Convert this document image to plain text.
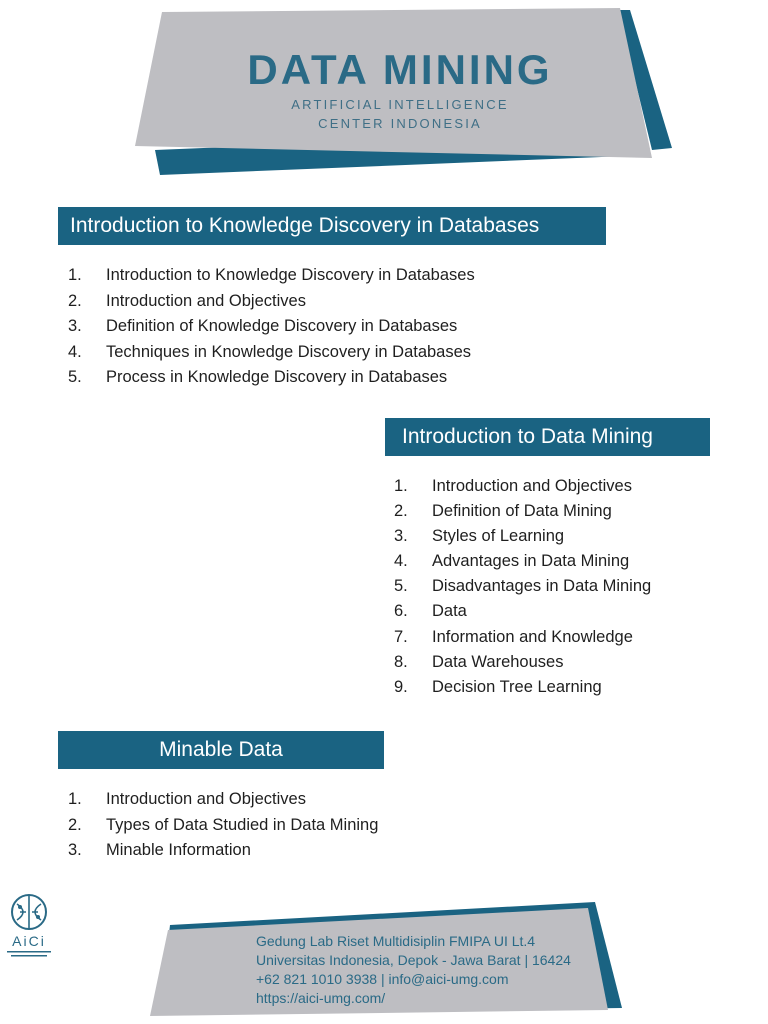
DATA MINING
ARTIFICIAL INTELLIGENCE
CENTER INDONESIA
Introduction to Knowledge Discovery in Databases
1. Introduction to Knowledge Discovery in Databases
2. Introduction and Objectives
3. Definition of Knowledge Discovery in Databases
4. Techniques in Knowledge Discovery in Databases
5. Process in Knowledge Discovery in Databases
Introduction to Data Mining
1. Introduction and Objectives
2. Definition of Data Mining
3. Styles of Learning
4. Advantages in Data Mining
5. Disadvantages in Data Mining
6. Data
7. Information and Knowledge
8. Data Warehouses
9. Decision Tree Learning
Minable Data
1. Introduction and Objectives
2. Types of Data Studied in Data Mining
3. Minable Information
AiCi	Gedung Lab Riset Multidisiplin FMIPA UI Lt.4
Universitas Indonesia, Depok - Jawa Barat | 16424
+62 821 1010 3938 | info@aici-umg.com
https://aici-umg.com/
